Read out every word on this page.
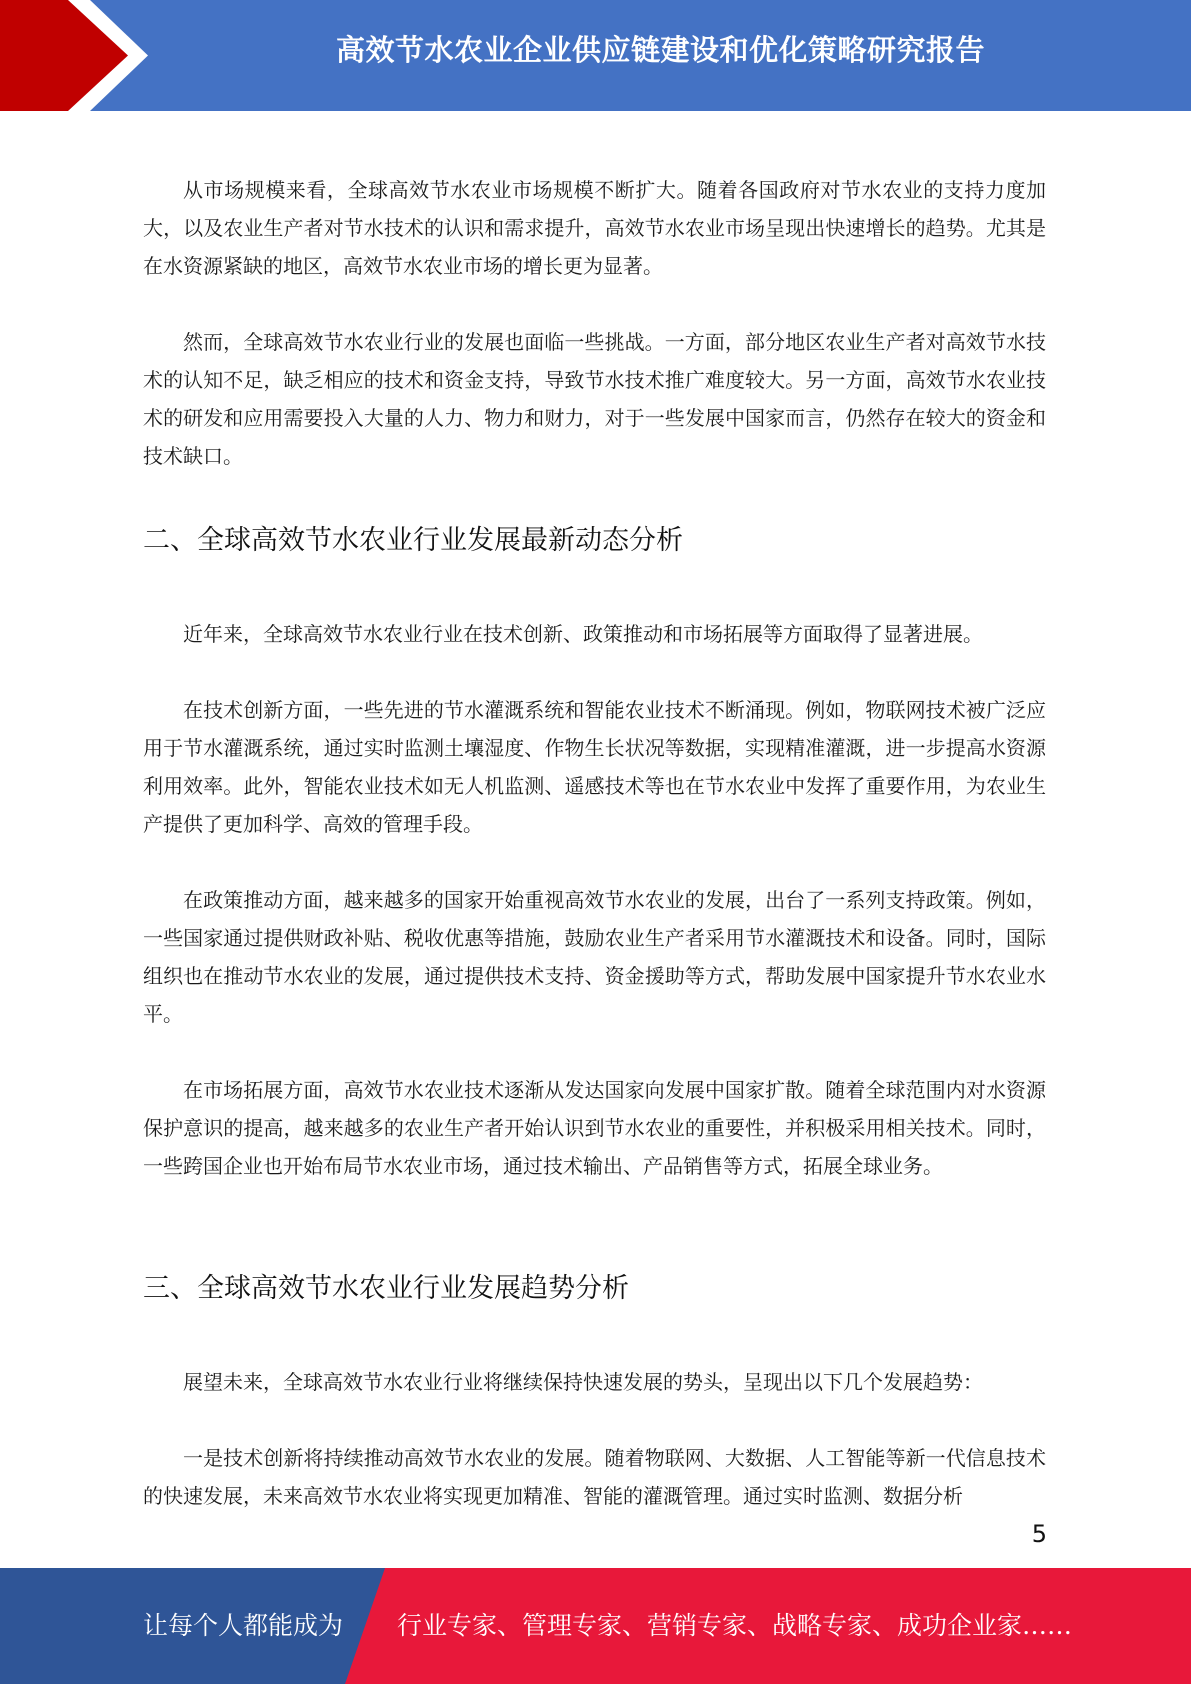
高效节水农业企业供应链建设和优化策略研究报告

从市场规模来看，全球高效节水农业市场规模不断扩大。随着各国政府对节水农业的支持力度加大，以及农业生产者对节水技术的认识和需求提升，高效节水农业市场呈现出快速增长的趋势。尤其是在水资源紧缺的地区，高效节水农业市场的增长更为显著。

然而，全球高效节水农业行业的发展也面临一些挑战。一方面，部分地区农业生产者对高效节水技术的认知不足，缺乏相应的技术和资金支持，导致节水技术推广难度较大。另一方面，高效节水农业技术的研发和应用需要投入大量的人力、物力和财力，对于一些发展中国家而言，仍然存在较大的资金和技术缺口。

二、全球高效节水农业行业发展最新动态分析

近年来，全球高效节水农业行业在技术创新、政策推动和市场拓展等方面取得了显著进展。

在技术创新方面，一些先进的节水灌溉系统和智能农业技术不断涌现。例如，物联网技术被广泛应用于节水灌溉系统，通过实时监测土壤湿度、作物生长状况等数据，实现精准灌溉，进一步提高水资源利用效率。此外，智能农业技术如无人机监测、遥感技术等也在节水农业中发挥了重要作用，为农业生产提供了更加科学、高效的管理手段。

在政策推动方面，越来越多的国家开始重视高效节水农业的发展，出台了一系列支持政策。例如，一些国家通过提供财政补贴、税收优惠等措施，鼓励农业生产者采用节水灌溉技术和设备。同时，国际组织也在推动节水农业的发展，通过提供技术支持、资金援助等方式，帮助发展中国家提升节水农业水平。

在市场拓展方面，高效节水农业技术逐渐从发达国家向发展中国家扩散。随着全球范围内对水资源保护意识的提高，越来越多的农业生产者开始认识到节水农业的重要性，并积极采用相关技术。同时，一些跨国企业也开始布局节水农业市场，通过技术输出、产品销售等方式，拓展全球业务。

三、全球高效节水农业行业发展趋势分析

展望未来，全球高效节水农业行业将继续保持快速发展的势头，呈现出以下几个发展趋势：

一是技术创新将持续推动高效节水农业的发展。随着物联网、大数据、人工智能等新一代信息技术的快速发展，未来高效节水农业将实现更加精准、智能的灌溉管理。通过实时监测、数据分析

5
让每个人都能成为 行业专家、管理专家、营销专家、战略专家、成功企业家……
